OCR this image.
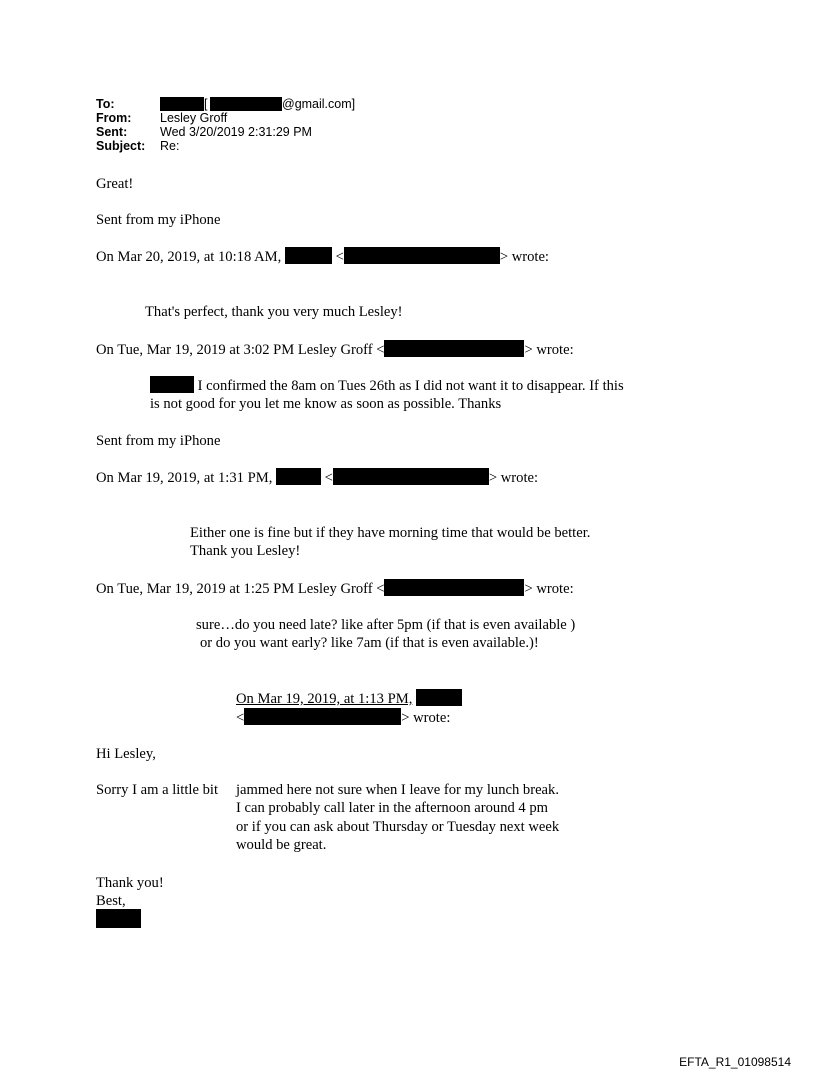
To:	[	@gmail.com]
From: Lesley Groff
Sent:	Wed 3/20/2019 2:31:29 PM
Subject: Re:
Great!
Sent from my iPhone
On Mar 20, 2019, at 10:18 AM,	<	> wrote:
That's perfect, thank you very much Lesley!
On Tue, Mar 19, 2019 at 3:02 PM Lesley Groff <	> wrote:
I confirmed the 8am on Tues 26th as I did not want it to disappear. If this
is not good for you let me know as soon as possible. Thanks
Sent from my iPhone
On Mar 19, 2019, at 1:31 PM,	<	> wrote:
Either one is fine but if they have morning time that would be better.
Thank you Lesley!
On Tue, Mar 19, 2019 at 1:25 PM Lesley Groff <	> wrote:
sure…do you need late? like after 5pm (if that is even available )
or do you want early? like 7am (if that is even available.)!
On Mar 19, 2019, at 1:13 PM,
<	> wrote:
Hi Lesley,
Sorry I am a little bit jammed here not sure when I leave for my lunch break.
I can probably call later in the afternoon around 4 pm
or if you can ask about Thursday or Tuesday next week
would be great.
Thank you!
Best,
EFTA_R1_01098514
